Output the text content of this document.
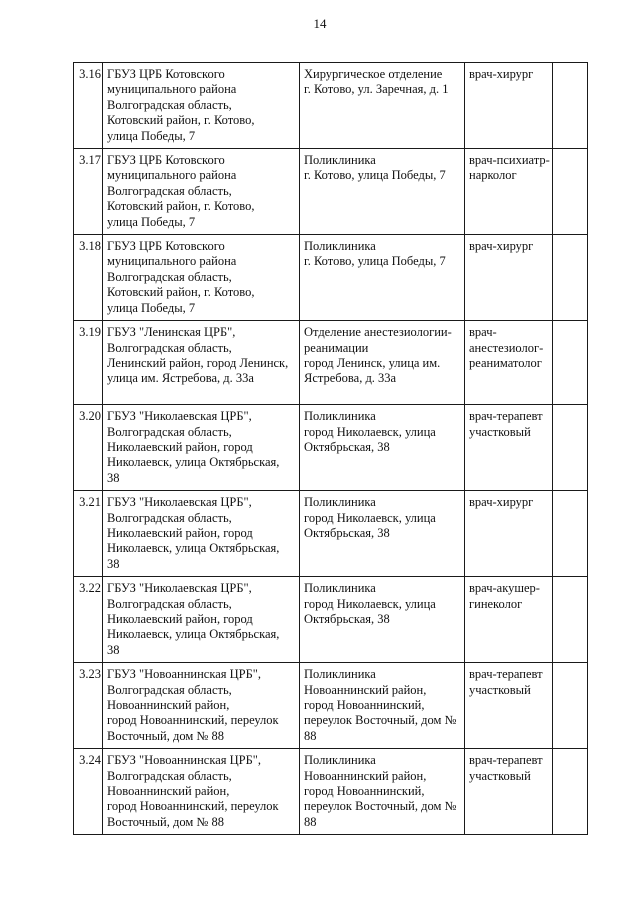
14
3.16	ГБУЗ ЦРБ Котовского
муниципального района
Волгоградская область,
Котовский район, г. Котово,
улица Победы, 7	Хирургическое отделение
г. Котово, ул. Заречная, д. 1	врач-хирург	

3.17	ГБУЗ ЦРБ Котовского
муниципального района
Волгоградская область,
Котовский район, г. Котово,
улица Победы, 7	Поликлиника
г. Котово, улица Победы, 7	врач-психиатр-
нарколог	

3.18	ГБУЗ ЦРБ Котовского
муниципального района
Волгоградская область,
Котовский район, г. Котово,
улица Победы, 7	Поликлиника
г. Котово, улица Победы, 7	врач-хирург	

3.19	ГБУЗ "Ленинская ЦРБ",
Волгоградская область,
Ленинский район, город Ленинск,
улица им. Ястребова, д. 33а	Отделение анестезиологии-
реанимации
город Ленинск, улица им.
Ястребова, д. 33а	врач-
анестезиолог-
реаниматолог	

3.20	ГБУЗ "Николаевская ЦРБ",
Волгоградская область,
Николаевский район, город
Николаевск, улица Октябрьская,
38	Поликлиника
город Николаевск, улица
Октябрьская, 38	врач-терапевт
участковый	

3.21	ГБУЗ "Николаевская ЦРБ",
Волгоградская область,
Николаевский район, город
Николаевск, улица Октябрьская,
38	Поликлиника
город Николаевск, улица
Октябрьская, 38	врач-хирург	

3.22	ГБУЗ "Николаевская ЦРБ",
Волгоградская область,
Николаевский район, город
Николаевск, улица Октябрьская,
38	Поликлиника
город Николаевск, улица
Октябрьская, 38	врач-акушер-
гинеколог	

3.23	ГБУЗ "Новоаннинская ЦРБ",
Волгоградская область,
Новоаннинский район,
город Новоаннинский, переулок
Восточный, дом № 88	Поликлиника
Новоаннинский район,
город Новоаннинский,
переулок Восточный, дом №
88	врач-терапевт
участковый	

3.24	ГБУЗ "Новоаннинская ЦРБ",
Волгоградская область,
Новоаннинский район,
город Новоаннинский, переулок
Восточный, дом № 88	Поликлиника
Новоаннинский район,
город Новоаннинский,
переулок Восточный, дом №
88	врач-терапевт
участковый	
